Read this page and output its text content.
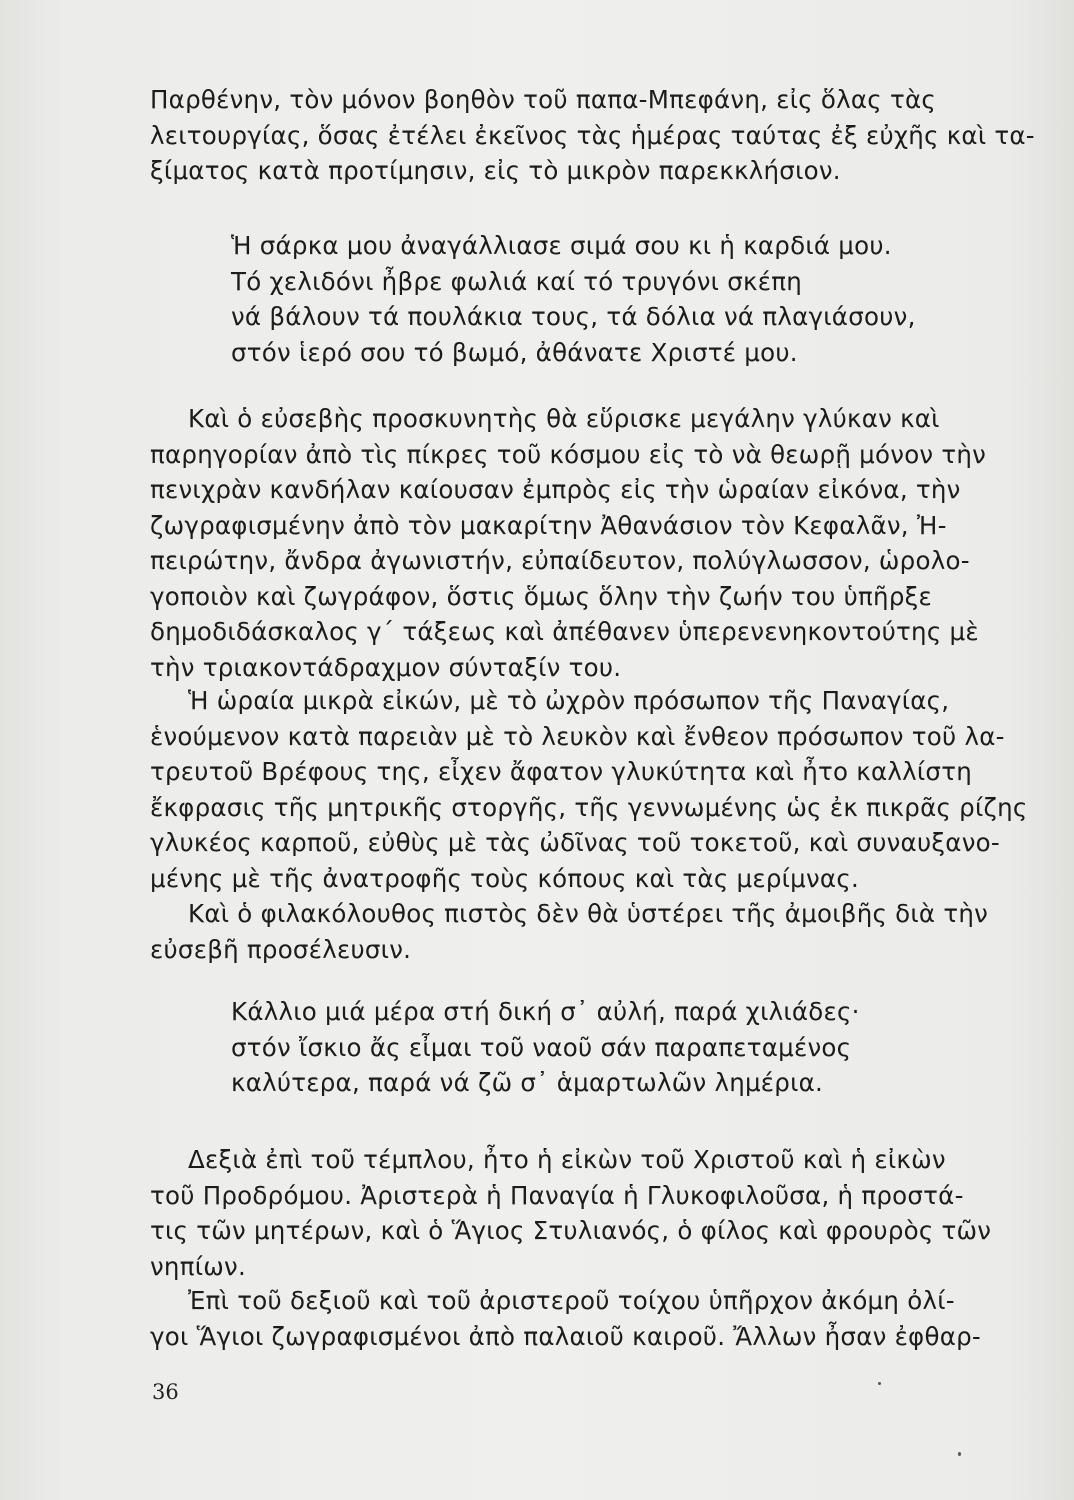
Παρθένην, τὸν μόνον βοηθὸν τοῦ παπα-Μπεφάνη, εἰς ὅλας τὰς

λειτουργίας, ὅσας ἐτέλει ἐκεῖνος τὰς ἡμέρας ταύτας ἐξ εὐχῆς καὶ τα-

ξίματος κατὰ προτίμησιν, εἰς τὸ μικρὸν παρεκκλήσιον.

Ἡ σάρκα μου ἀναγάλλιασε σιμά σου κι ἡ καρδιά μου.
Τό χελιδόνι ἦβρε φωλιά καί τό τρυγόνι σκέπη
νά βάλουν τά πουλάκια τους, τά δόλια νά πλαγιάσουν,
στόν ἱερό σου τό βωμό, ἀθάνατε Χριστέ μου.

Καὶ ὁ εὐσεβὴς προσκυνητὴς θὰ εὕρισκε μεγάλην γλύκαν καὶ

παρηγορίαν ἀπὸ τὶς πίκρες τοῦ κόσμου εἰς τὸ νὰ θεωρῇ μόνον τὴν

πενιχρὰν κανδήλαν καίουσαν ἐμπρὸς εἰς τὴν ὡραίαν εἰκόνα, τὴν

ζωγραφισμένην ἀπὸ τὸν μακαρίτην Ἀθανάσιον τὸν Κεφαλᾶν, Ἠ-

πειρώτην, ἄνδρα ἀγωνιστήν, εὐπαίδευτον, πολύγλωσσον, ὡρολο-

γοποιὸν καὶ ζωγράφον, ὅστις ὅμως ὅλην τὴν ζωήν του ὑπῆρξε

δημοδιδάσκαλος γ΄ τάξεως καὶ ἀπέθανεν ὑπερενενηκοντούτης μὲ

τὴν τριακοντάδραχμον σύνταξίν του.

Ἡ ὡραία μικρὰ εἰκών, μὲ τὸ ὠχρὸν πρόσωπον τῆς Παναγίας,

ἑνούμενον κατὰ παρειὰν μὲ τὸ λευκὸν καὶ ἔνθεον πρόσωπον τοῦ λα-

τρευτοῦ Βρέφους της, εἶχεν ἄφατον γλυκύτητα καὶ ἦτο καλλίστη

ἔκφρασις τῆς μητρικῆς στοργῆς, τῆς γεννωμένης ὡς ἐκ πικρᾶς ρίζης

γλυκέος καρποῦ, εὐθὺς μὲ τὰς ὠδῖνας τοῦ τοκετοῦ, καὶ συναυξανο-

μένης μὲ τῆς ἀνατροφῆς τοὺς κόπους καὶ τὰς μερίμνας.

Καὶ ὁ φιλακόλουθος πιστὸς δὲν θὰ ὑστέρει τῆς ἀμοιβῆς διὰ τὴν

εὐσεβῆ προσέλευσιν.

Κάλλιο μιά μέρα στή δική σ᾽ αὐλή, παρά χιλιάδες·
στόν ἴσκιο ἄς εἶμαι τοῦ ναοῦ σάν παραπεταμένος
καλύτερα, παρά νά ζῶ σ᾽ ἁμαρτωλῶν λημέρια.

Δεξιὰ ἐπὶ τοῦ τέμπλου, ἦτο ἡ εἰκὼν τοῦ Χριστοῦ καὶ ἡ εἰκὼν

τοῦ Προδρόμου. Ἀριστερὰ ἡ Παναγία ἡ Γλυκοφιλοῦσα, ἡ προστά-

τις τῶν μητέρων, καὶ ὁ Ἅγιος Στυλιανός, ὁ φίλος καὶ φρουρὸς τῶν

νηπίων.

Ἐπὶ τοῦ δεξιοῦ καὶ τοῦ ἀριστεροῦ τοίχου ὑπῆρχον ἀκόμη ὀλί-

γοι Ἅγιοι ζωγραφισμένοι ἀπὸ παλαιοῦ καιροῦ. Ἄλλων ἦσαν ἐφθαρ-

36
